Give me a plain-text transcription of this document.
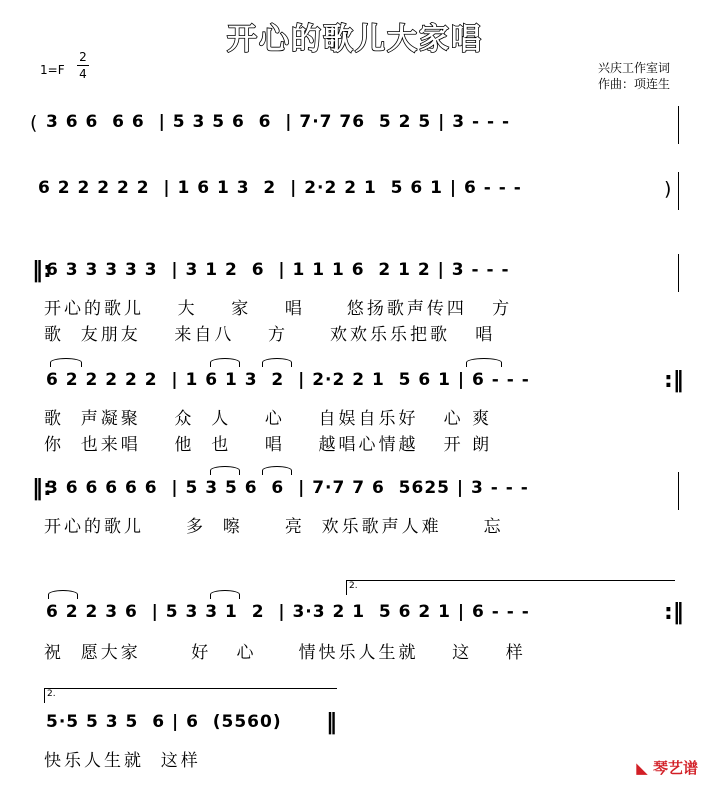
开心的歌儿大家唱
1=F
2
4	兴庆工作室词
作曲：项连生
( 3 6 6  6 6  | 5 3 5 6  6  | 7·7 76  5 2 5 | 3 - - -
6 2 2 2 2 2  | 1 6 1 3  2  | 2·2 2 1  5 6 1 | 6 - - -	)
‖:
6 3 3 3 3 3  | 3 1 2  6  | 1 1 1 6  2 1 2 | 3 - - -
开心的歌儿    大    家    唱     悠扬歌声传四   方
歌  友朋友    来自八    方     欢欢乐乐把歌   唱
6 2 2 2 2 2  | 1 6 1 3  2  | 2·2 2 1  5 6 1 | 6 - - -	:‖
歌  声凝聚    众  人    心    自娱自乐好   心 爽
你  也来唱    他  也    唱    越唱心情越   开 朗
‖:
3 6 6 6 6 6  | 5 3 5 6  6  | 7·7 7 6  5625 | 3 - - -
开心的歌儿     多  嚓     亮  欢乐歌声人难     忘
2.
6 2 2 3 6  | 5 3 3 1  2  | 3·3 2 1  5 6 2 1 | 6 - - -	:‖
祝  愿大家      好   心     情快乐人生就    这    样
2.
5·5 5 3 5  6 | 6  (5560) ‖
快乐人生就  这样	◣ 琴艺谱
